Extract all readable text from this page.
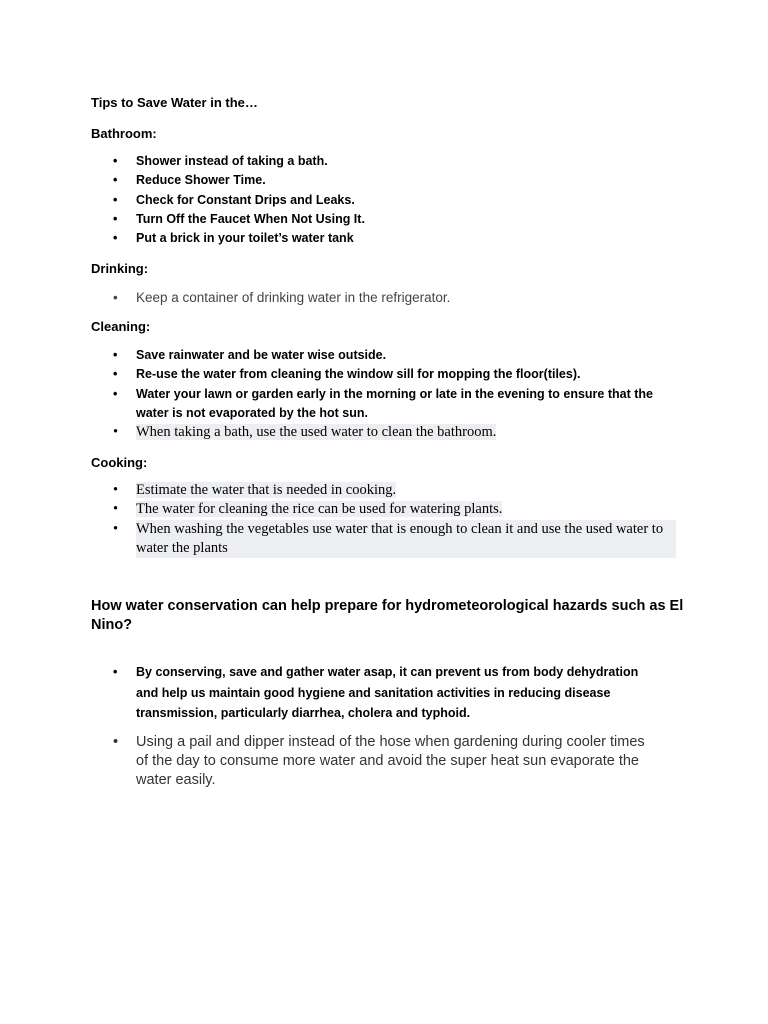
Tips to Save Water in the…
Bathroom:
• Shower instead of taking a bath.
• Reduce Shower Time.
• Check for Constant Drips and Leaks.
• Turn Off the Faucet When Not Using It.
• Put a brick in your toilet’s water tank
Drinking:
• Keep a container of drinking water in the refrigerator.
Cleaning:
• Save rainwater and be water wise outside.
• Re-use the water from cleaning the window sill for mopping the floor(tiles).
• Water your lawn or garden early in the morning or late in the evening to ensure that the water is not evaporated by the hot sun.
• When taking a bath, use the used water to clean the bathroom.
Cooking:
• Estimate the water that is needed in cooking.
• The water for cleaning the rice can be used for watering plants.
• When washing the vegetables use water that is enough to clean it and use the used water to water the plants
How water conservation can help prepare for hydrometeorological hazards such as El Nino?
• By conserving, save and gather water asap, it can prevent us from body dehydration and help us maintain good hygiene and sanitation activities in reducing disease transmission, particularly diarrhea, cholera and typhoid.
• Using a pail and dipper instead of the hose when gardening during cooler times of the day to consume more water and avoid the super heat sun evaporate the water easily.
